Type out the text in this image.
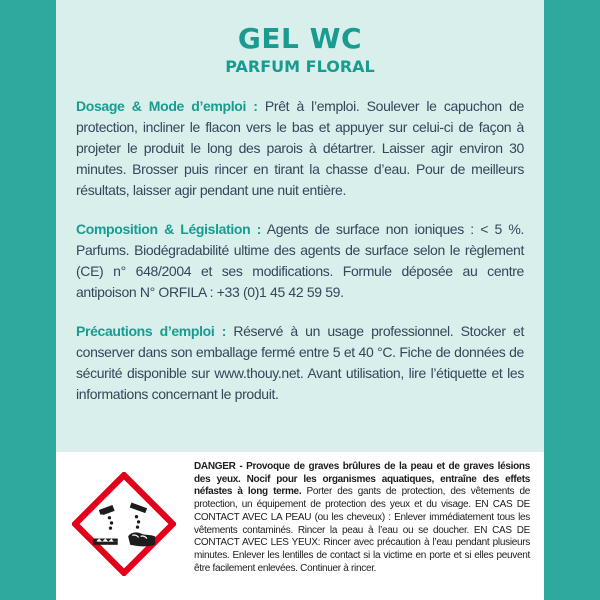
GEL WC
PARFUM FLORAL
Dosage & Mode d’emploi : Prêt à l’emploi. Soulever le capuchon de protection, incliner le flacon vers le bas et appuyer sur celui-ci de façon à projeter le produit le long des parois à détartrer. Laisser agir environ 30 minutes. Brosser puis rincer en tirant la chasse d’eau. Pour de meilleurs résultats, laisser agir pendant une nuit entière.
Composition & Législation : Agents de surface non ioniques : < 5 %. Parfums. Biodégradabilité ultime des agents de surface selon le règlement (CE) n° 648/2004 et ses modifications. Formule déposée au centre antipoison N° ORFILA : +33 (0)1 45 42 59 59.
Précautions d’emploi : Réservé à un usage professionnel. Stocker et conserver dans son emballage fermé entre 5 et 40 °C. Fiche de données de sécurité disponible sur www.thouy.net. Avant utilisation, lire l’étiquette et les informations concernant le produit.
DANGER - Provoque de graves brûlures de la peau et de graves lésions des yeux. Nocif pour les organismes aquatiques, entraîne des effets néfastes à long terme. Porter des gants de protection, des vêtements de protection, un équipement de protection des yeux et du visage. EN CAS DE CONTACT AVEC LA PEAU (ou les cheveux) : Enlever immédiatement tous les vêtements contaminés. Rincer la peau à l’eau ou se doucher. EN CAS DE CONTACT AVEC LES YEUX: Rincer avec précaution à l’eau pendant plusieurs minutes. Enlever les lentilles de contact si la victime en porte et si elles peuvent être facilement enlevées. Continuer à rincer.
